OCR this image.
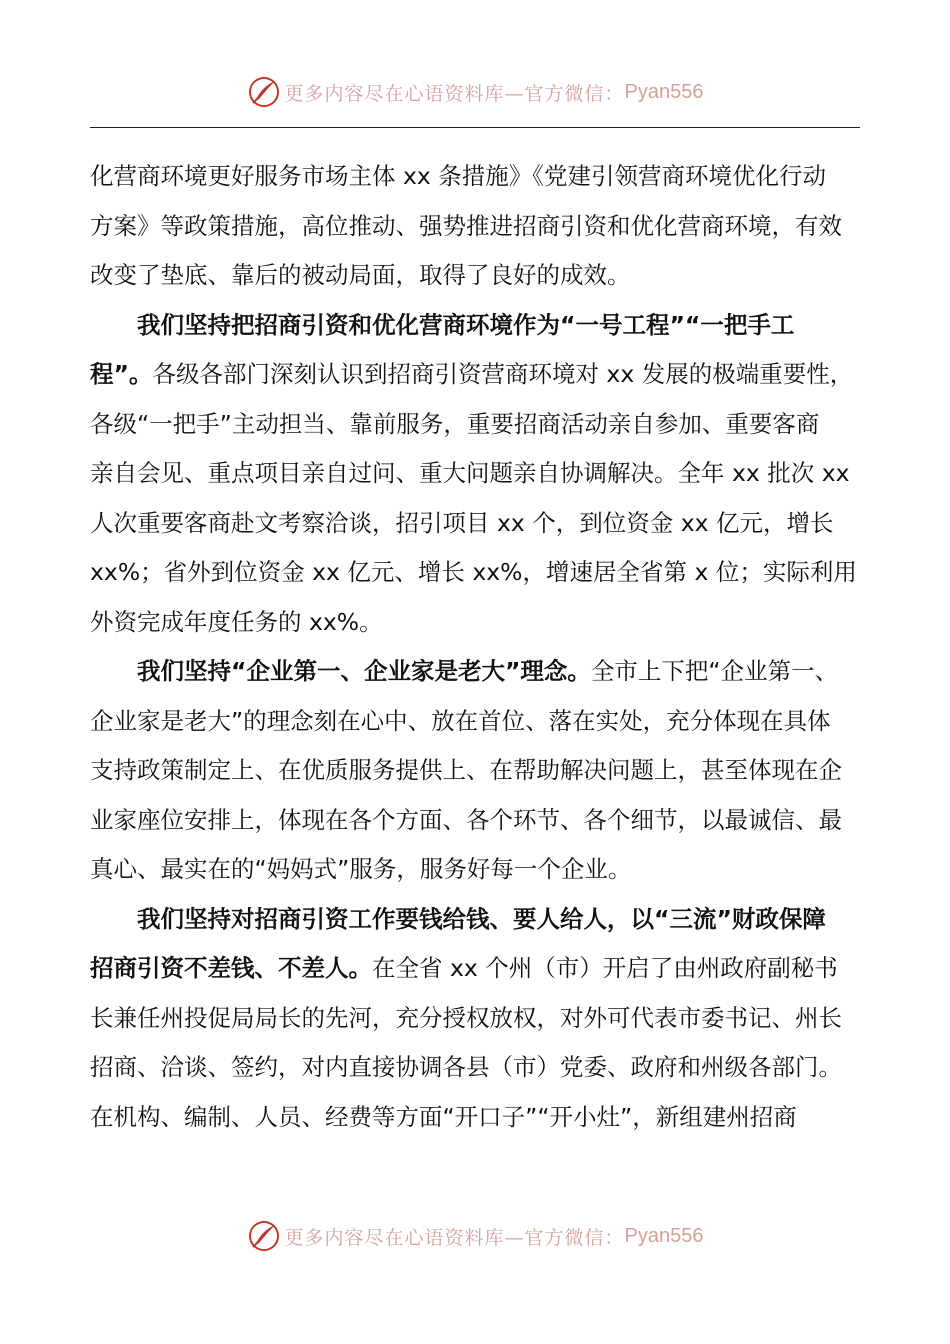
更多内容尽在心语资料库—官方微信： Pyan556
化营商环境更好服务市场主体 xx 条措施》《党建引领营商环境优化行动
方案》等政策措施，高位推动、强势推进招商引资和优化营商环境，有效
改变了垫底、靠后的被动局面，取得了良好的成效。
我们坚持把招商引资和优化营商环境作为“一号工程”“一把手工
程”。各级各部门深刻认识到招商引资营商环境对 xx 发展的极端重要性，
各级“一把手”主动担当、靠前服务，重要招商活动亲自参加、重要客商
亲自会见、重点项目亲自过问、重大问题亲自协调解决。全年 xx 批次 xx
人次重要客商赴文考察洽谈，招引项目 xx 个，到位资金 xx 亿元，增长
xx%；省外到位资金 xx 亿元、增长 xx%，增速居全省第 x 位；实际利用
外资完成年度任务的 xx%。
我们坚持“企业第一、企业家是老大”理念。全市上下把“企业第一、
企业家是老大”的理念刻在心中、放在首位、落在实处，充分体现在具体
支持政策制定上、在优质服务提供上、在帮助解决问题上，甚至体现在企
业家座位安排上，体现在各个方面、各个环节、各个细节，以最诚信、最
真心、最实在的“妈妈式”服务，服务好每一个企业。
我们坚持对招商引资工作要钱给钱、要人给人，以“三流”财政保障
招商引资不差钱、不差人。在全省 xx 个州（市）开启了由州政府副秘书
长兼任州投促局局长的先河，充分授权放权，对外可代表市委书记、州长
招商、洽谈、签约，对内直接协调各县（市）党委、政府和州级各部门。
在机构、编制、人员、经费等方面“开口子”“开小灶”，新组建州招商
更多内容尽在心语资料库—官方微信： Pyan556
